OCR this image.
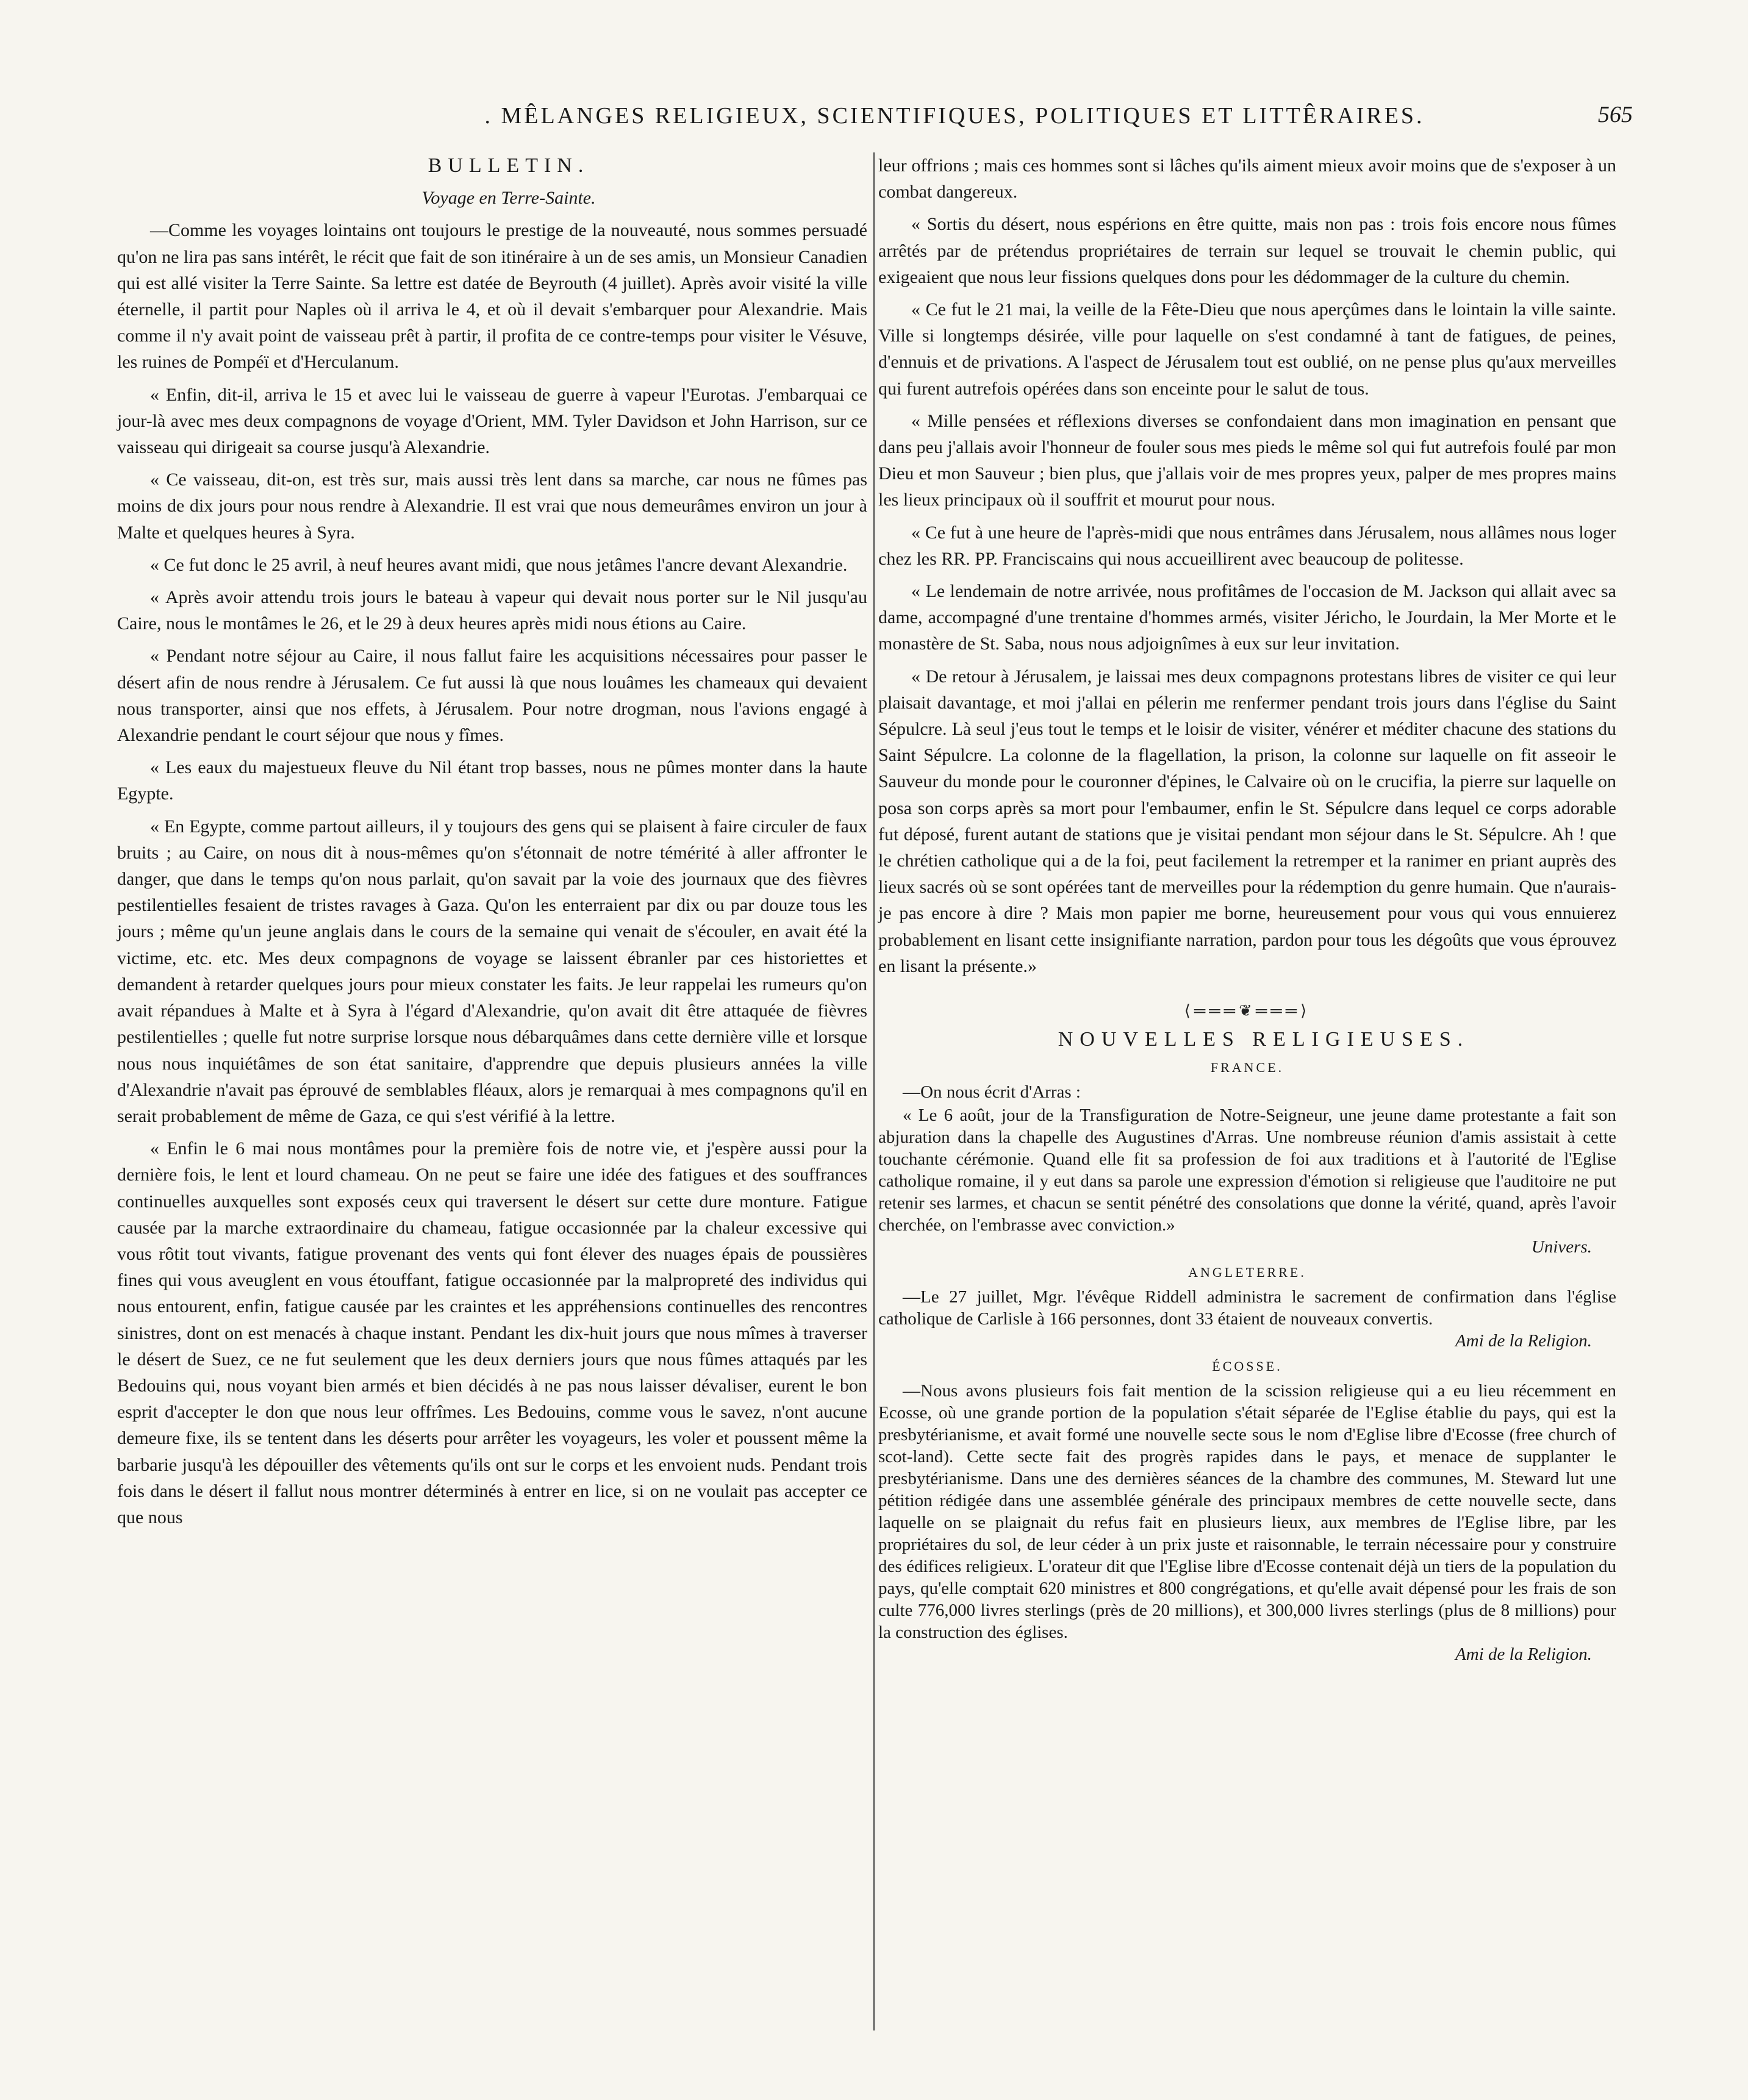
. MÊLANGES RELIGIEUX, SCIENTIFIQUES, POLITIQUES ET LITTÊRAIRES.	565

BULLETIN.

Voyage en Terre-Sainte.

—Comme les voyages lointains ont toujours le prestige de la nouveauté, nous sommes persuadé qu'on ne lira pas sans intérêt, le récit que fait de son itinéraire à un de ses amis, un Monsieur Canadien qui est allé visiter la Terre Sainte. Sa lettre est datée de Beyrouth (4 juillet). Après avoir visité la ville éternelle, il partit pour Naples où il arriva le 4, et où il devait s'embarquer pour Alexandrie. Mais comme il n'y avait point de vaisseau prêt à partir, il profita de ce contre-temps pour visiter le Vésuve, les ruines de Pompéï et d'Herculanum.

« Enfin, dit-il, arriva le 15 et avec lui le vaisseau de guerre à vapeur l'Eurotas. J'embarquai ce jour-là avec mes deux compagnons de voyage d'Orient, MM. Tyler Davidson et John Harrison, sur ce vaisseau qui dirigeait sa course jusqu'à Alexandrie.

« Ce vaisseau, dit-on, est très sur, mais aussi très lent dans sa marche, car nous ne fûmes pas moins de dix jours pour nous rendre à Alexandrie. Il est vrai que nous demeurâmes environ un jour à Malte et quelques heures à Syra.

« Ce fut donc le 25 avril, à neuf heures avant midi, que nous jetâmes l'ancre devant Alexandrie.

« Après avoir attendu trois jours le bateau à vapeur qui devait nous porter sur le Nil jusqu'au Caire, nous le montâmes le 26, et le 29 à deux heures après midi nous étions au Caire.

« Pendant notre séjour au Caire, il nous fallut faire les acquisitions nécessaires pour passer le désert afin de nous rendre à Jérusalem. Ce fut aussi là que nous louâmes les chameaux qui devaient nous transporter, ainsi que nos effets, à Jérusalem. Pour notre drogman, nous l'avions engagé à Alexandrie pendant le court séjour que nous y fîmes.

« Les eaux du majestueux fleuve du Nil étant trop basses, nous ne pûmes monter dans la haute Egypte.

« En Egypte, comme partout ailleurs, il y toujours des gens qui se plaisent à faire circuler de faux bruits ; au Caire, on nous dit à nous-mêmes qu'on s'étonnait de notre témérité à aller affronter le danger, que dans le temps qu'on nous parlait, qu'on savait par la voie des journaux que des fièvres pestilentielles fesaient de tristes ravages à Gaza. Qu'on les enterraient par dix ou par douze tous les jours ; même qu'un jeune anglais dans le cours de la semaine qui venait de s'écouler, en avait été la victime, etc. etc. Mes deux compagnons de voyage se laissent ébranler par ces historiettes et demandent à retarder quelques jours pour mieux constater les faits. Je leur rappelai les rumeurs qu'on avait répandues à Malte et à Syra à l'égard d'Alexandrie, qu'on avait dit être attaquée de fièvres pestilentielles ; quelle fut notre surprise lorsque nous débarquâmes dans cette dernière ville et lorsque nous nous inquiétâmes de son état sanitaire, d'apprendre que depuis plusieurs années la ville d'Alexandrie n'avait pas éprouvé de semblables fléaux, alors je remarquai à mes compagnons qu'il en serait probablement de même de Gaza, ce qui s'est vérifié à la lettre.

« Enfin le 6 mai nous montâmes pour la première fois de notre vie, et j'espère aussi pour la dernière fois, le lent et lourd chameau. On ne peut se faire une idée des fatigues et des souffrances continuelles auxquelles sont exposés ceux qui traversent le désert sur cette dure monture. Fatigue causée par la marche extraordinaire du chameau, fatigue occasionnée par la chaleur excessive qui vous rôtit tout vivants, fatigue provenant des vents qui font élever des nuages épais de poussières fines qui vous aveuglent en vous étouffant, fatigue occasionnée par la malpropreté des individus qui nous entourent, enfin, fatigue causée par les craintes et les appréhensions continuelles des rencontres sinistres, dont on est menacés à chaque instant. Pendant les dix-huit jours que nous mîmes à traverser le désert de Suez, ce ne fut seulement que les deux derniers jours que nous fûmes attaqués par les Bedouins qui, nous voyant bien armés et bien décidés à ne pas nous laisser dévaliser, eurent le bon esprit d'accepter le don que nous leur offrîmes. Les Bedouins, comme vous le savez, n'ont aucune demeure fixe, ils se tentent dans les déserts pour arrêter les voyageurs, les voler et poussent même la barbarie jusqu'à les dépouiller des vêtements qu'ils ont sur le corps et les envoient nuds. Pendant trois fois dans le désert il fallut nous montrer déterminés à entrer en lice, si on ne voulait pas accepter ce que nous

leur offrions ; mais ces hommes sont si lâches qu'ils aiment mieux avoir moins que de s'exposer à un combat dangereux.

« Sortis du désert, nous espérions en être quitte, mais non pas : trois fois encore nous fûmes arrêtés par de prétendus propriétaires de terrain sur lequel se trouvait le chemin public, qui exigeaient que nous leur fissions quelques dons pour les dédommager de la culture du chemin.

« Ce fut le 21 mai, la veille de la Fête-Dieu que nous aperçûmes dans le lointain la ville sainte. Ville si longtemps désirée, ville pour laquelle on s'est condamné à tant de fatigues, de peines, d'ennuis et de privations. A l'aspect de Jérusalem tout est oublié, on ne pense plus qu'aux merveilles qui furent autrefois opérées dans son enceinte pour le salut de tous.

« Mille pensées et réflexions diverses se confondaient dans mon imagination en pensant que dans peu j'allais avoir l'honneur de fouler sous mes pieds le même sol qui fut autrefois foulé par mon Dieu et mon Sauveur ; bien plus, que j'allais voir de mes propres yeux, palper de mes propres mains les lieux principaux où il souffrit et mourut pour nous.

« Ce fut à une heure de l'après-midi que nous entrâmes dans Jérusalem, nous allâmes nous loger chez les RR. PP. Franciscains qui nous accueillirent avec beaucoup de politesse.

« Le lendemain de notre arrivée, nous profitâmes de l'occasion de M. Jackson qui allait avec sa dame, accompagné d'une trentaine d'hommes armés, visiter Jéricho, le Jourdain, la Mer Morte et le monastère de St. Saba, nous nous adjoignîmes à eux sur leur invitation.

« De retour à Jérusalem, je laissai mes deux compagnons protestans libres de visiter ce qui leur plaisait davantage, et moi j'allai en pélerin me renfermer pendant trois jours dans l'église du Saint Sépulcre. Là seul j'eus tout le temps et le loisir de visiter, vénérer et méditer chacune des stations du Saint Sépulcre. La colonne de la flagellation, la prison, la colonne sur laquelle on fit asseoir le Sauveur du monde pour le couronner d'épines, le Calvaire où on le crucifia, la pierre sur laquelle on posa son corps après sa mort pour l'embaumer, enfin le St. Sépulcre dans lequel ce corps adorable fut déposé, furent autant de stations que je visitai pendant mon séjour dans le St. Sépulcre. Ah ! que le chrétien catholique qui a de la foi, peut facilement la retremper et la ranimer en priant auprès des lieux sacrés où se sont opérées tant de merveilles pour la rédemption du genre humain. Que n'aurais-je pas encore à dire ? Mais mon papier me borne, heureusement pour vous qui vous ennuierez probablement en lisant cette insignifiante narration, pardon pour tous les dégoûts que vous éprouvez en lisant la présente.»

⟨═══❦═══⟩

NOUVELLES RELIGIEUSES.

FRANCE.

—On nous écrit d'Arras :

« Le 6 août, jour de la Transfiguration de Notre-Seigneur, une jeune dame protestante a fait son abjuration dans la chapelle des Augustines d'Arras. Une nombreuse réunion d'amis assistait à cette touchante cérémonie. Quand elle fit sa profession de foi aux traditions et à l'autorité de l'Eglise catholique romaine, il y eut dans sa parole une expression d'émotion si religieuse que l'auditoire ne put retenir ses larmes, et chacun se sentit pénétré des consolations que donne la vérité, quand, après l'avoir cherchée, on l'embrasse avec conviction.»

Univers.
ANGLETERRE.

—Le 27 juillet, Mgr. l'évêque Riddell administra le sacrement de confirmation dans l'église catholique de Carlisle à 166 personnes, dont 33 étaient de nouveaux convertis.

Ami de la Religion.
ÉCOSSE.

—Nous avons plusieurs fois fait mention de la scission religieuse qui a eu lieu récemment en Ecosse, où une grande portion de la population s'était séparée de l'Eglise établie du pays, qui est la presbytérianisme, et avait formé une nouvelle secte sous le nom d'Eglise libre d'Ecosse (free church of scot-land). Cette secte fait des progrès rapides dans le pays, et menace de supplanter le presbytérianisme. Dans une des dernières séances de la chambre des communes, M. Steward lut une pétition rédigée dans une assemblée générale des principaux membres de cette nouvelle secte, dans laquelle on se plaignait du refus fait en plusieurs lieux, aux membres de l'Eglise libre, par les propriétaires du sol, de leur céder à un prix juste et raisonnable, le terrain nécessaire pour y construire des édifices religieux. L'orateur dit que l'Eglise libre d'Ecosse contenait déjà un tiers de la population du pays, qu'elle comptait 620 ministres et 800 congrégations, et qu'elle avait dépensé pour les frais de son culte 776,000 livres sterlings (près de 20 millions), et 300,000 livres sterlings (plus de 8 millions) pour la construction des églises.

Ami de la Religion.
